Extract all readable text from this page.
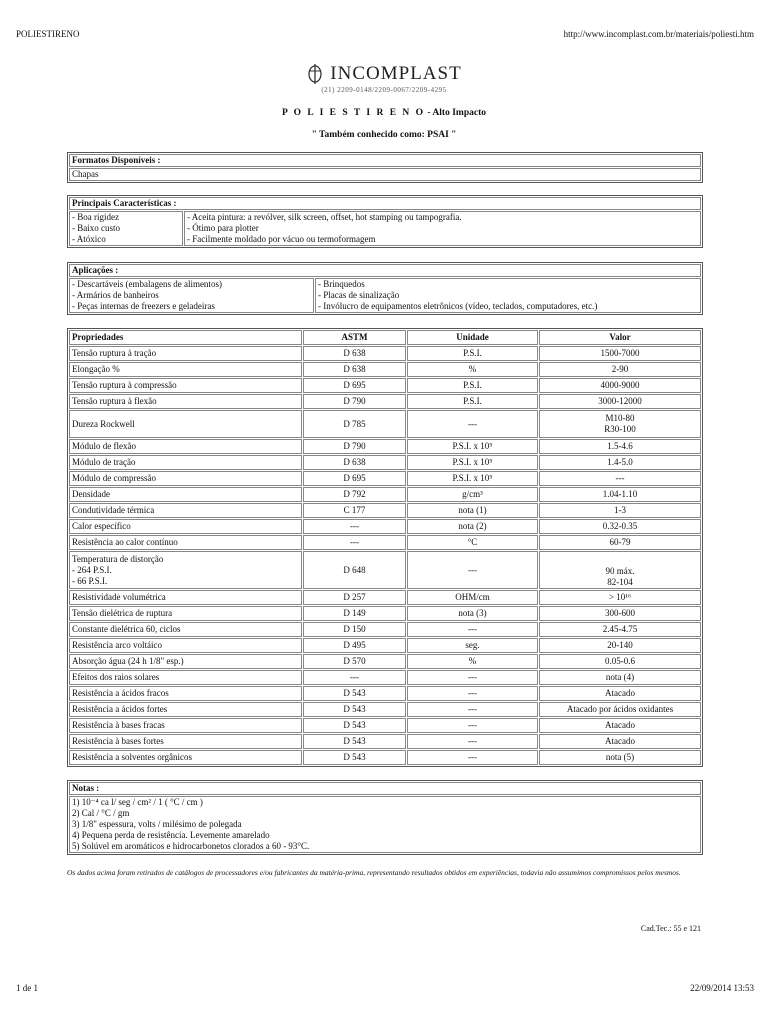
POLIESTIRENO	http://www.incomplast.com.br/materiais/poliesti.htm
INCOMPLAST
(21) 2209-0148/2209-0067/2209-4295
P O L I E S T I R E N O - Alto Impacto
" Também conhecido como: PSAI "
Formatos Disponíveis :
Chapas
Principais Características :
- Boa rigidez
- Baixo custo
- Atóxico	- Aceita pintura: a revólver, silk screen, offset, hot stamping ou tampografia.
- Ótimo para plotter
- Facilmente moldado por vácuo ou termoformagem
Aplicações :
- Descartáveis (embalagens de alimentos)
- Armários de banheiros
- Peças internas de freezers e geladeiras	- Brinquedos
- Placas de sinalização
- Invólucro de equipamentos eletrônicos (vídeo, teclados, computadores, etc.)
Propriedades	ASTM	Unidade	Valor
Tensão ruptura à tração	D 638	P.S.I.	1500-7000
Elongação %	D 638	%	2-90
Tensão ruptura à compressão	D 695	P.S.I.	4000-9000
Tensão ruptura à flexão	D 790	P.S.I.	3000-12000
Dureza Rockwell	D 785	---	M10-80
R30-100
Módulo de flexão	D 790	P.S.I. x 10⁵	1.5-4.6
Módulo de tração	D 638	P.S.I. x 10⁵	1.4-5.0
Módulo de compressão	D 695	P.S.I. x 10⁵	---
Densidade	D 792	g/cm³	1.04-1.10
Condutividade térmica	C 177	nota (1)	1-3
Calor específico	---	nota (2)	0.32-0.35
Resistência ao calor contínuo	---	°C	60-79
Temperatura de distorção
- 264 P.S.I.
- 66 P.S.I.	D 648	---	90 máx.
82-104
Resistividade volumétrica	D 257	OHM/cm	> 10¹⁶
Tensão dielétrica de ruptura	D 149	nota (3)	300-600
Constante dielétrica 60, ciclos	D 150	---	2.45-4.75
Resistência arco voltáico	D 495	seg.	20-140
Absorção água (24 h 1/8" esp.)	D 570	%	0.05-0.6
Efeitos dos raios solares	---	---	nota (4)
Resistência a ácidos fracos	D 543	---	Atacado
Resistência a ácidos fortes	D 543	---	Atacado por ácidos oxidantes
Resistência à bases fracas	D 543	---	Atacado
Resistência à bases fortes	D 543	---	Atacado
Resistência a solventes orgânicos	D 543	---	nota (5)
Notas :

1) 10⁻⁴ ca l/ seg / cm² / 1 ( °C / cm )
2) Cal / °C / gm
3) 1/8" espessura, volts / milésimo de polegada
4) Pequena perda de resistência. Levemente amarelado
5) Solúvel em aromáticos e hidrocarbonetos clorados a 60 - 93°C.
Os dados acima foram retirados de catálogos de processadores e/ou fabricantes da matéria-prima, representando resultados obtidos em experiências, todavia não assumimos compromissos pelos mesmos.
Cad.Tec.: 55 e 121
1 de 1	22/09/2014 13:53
